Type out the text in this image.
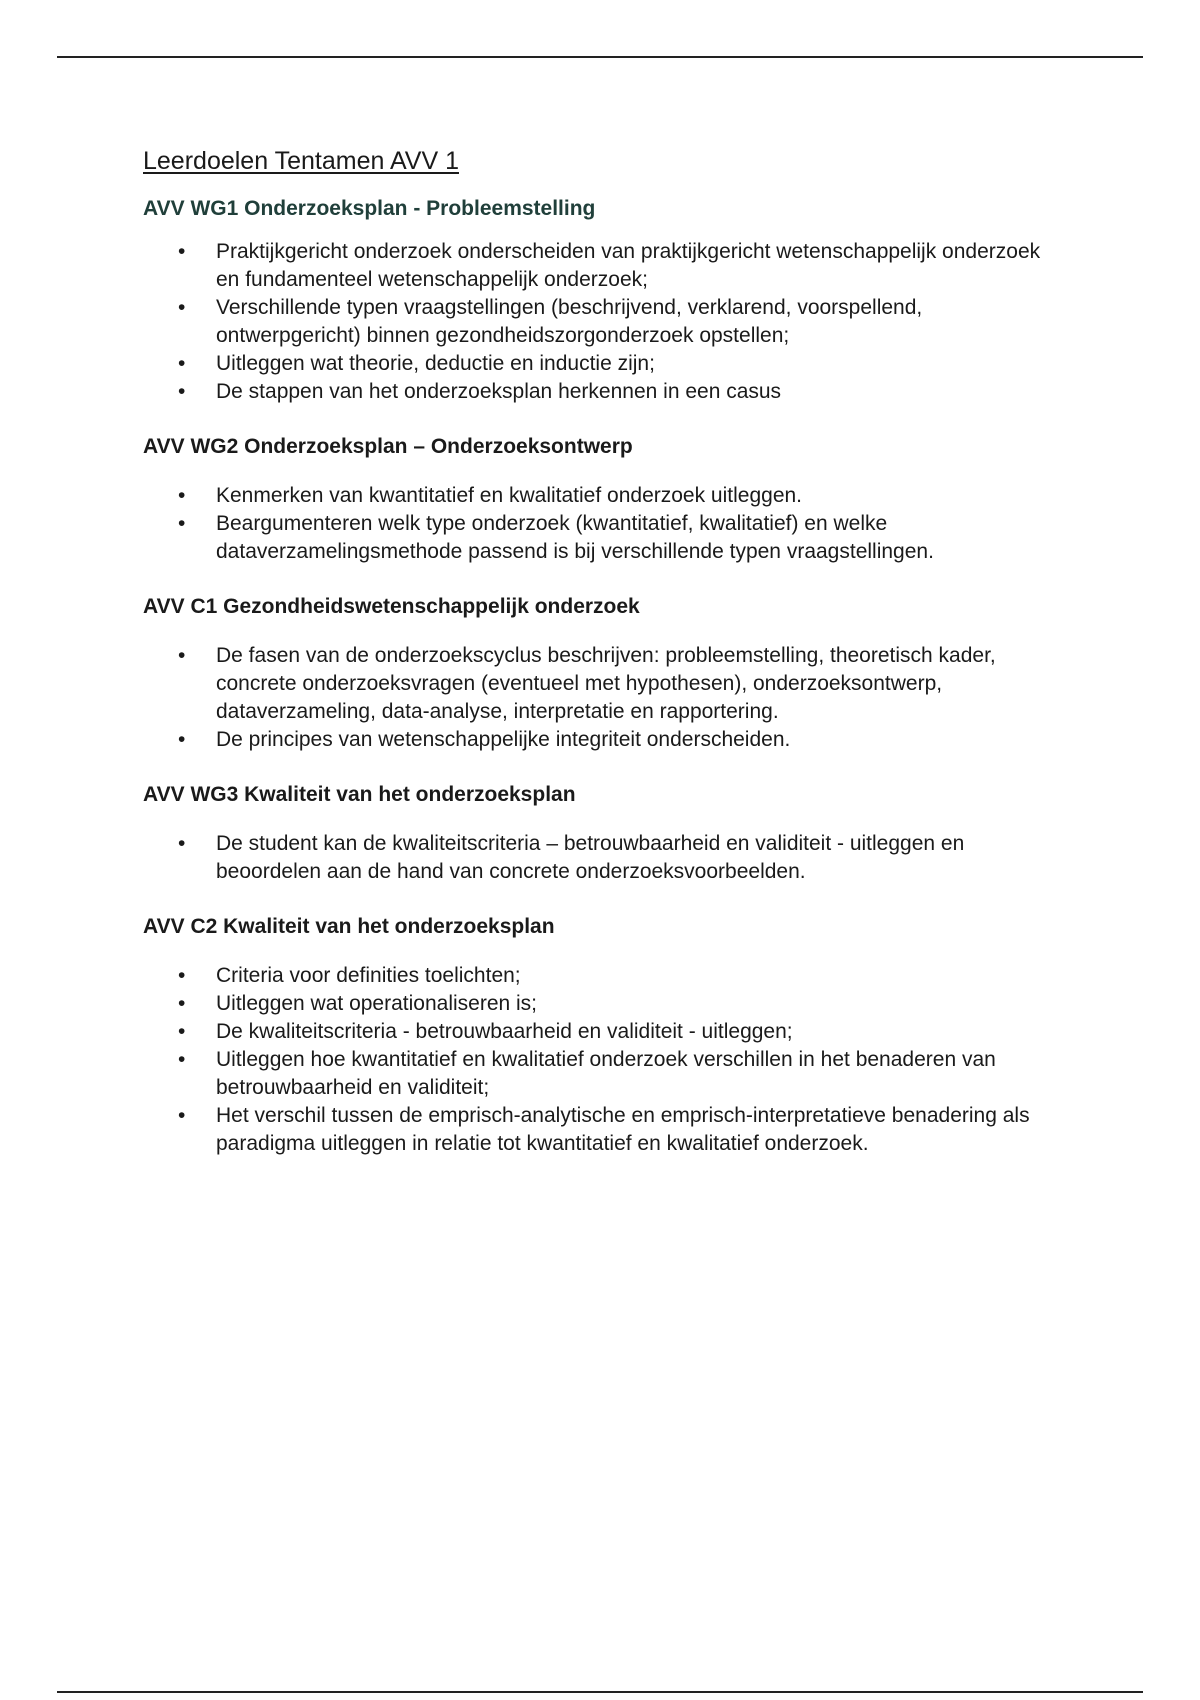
Leerdoelen Tentamen AVV 1
AVV WG1 Onderzoeksplan - Probleemstelling
• Praktijkgericht onderzoek onderscheiden van praktijkgericht wetenschappelijk onderzoek en fundamenteel wetenschappelijk onderzoek;
• Verschillende typen vraagstellingen (beschrijvend, verklarend, voorspellend, ontwerpgericht) binnen gezondheidszorgonderzoek opstellen;
• Uitleggen wat theorie, deductie en inductie zijn;
• De stappen van het onderzoeksplan herkennen in een casus
AVV WG2 Onderzoeksplan – Onderzoeksontwerp
• Kenmerken van kwantitatief en kwalitatief onderzoek uitleggen.
• Beargumenteren welk type onderzoek (kwantitatief, kwalitatief) en welke dataverzamelingsmethode passend is bij verschillende typen vraagstellingen.
AVV C1 Gezondheidswetenschappelijk onderzoek
• De fasen van de onderzoekscyclus beschrijven: probleemstelling, theoretisch kader, concrete onderzoeksvragen (eventueel met hypothesen), onderzoeksontwerp, dataverzameling, data-analyse, interpretatie en rapportering.
• De principes van wetenschappelijke integriteit onderscheiden.
AVV WG3 Kwaliteit van het onderzoeksplan
• De student kan de kwaliteitscriteria – betrouwbaarheid en validiteit - uitleggen en beoordelen aan de hand van concrete onderzoeksvoorbeelden.
AVV C2 Kwaliteit van het onderzoeksplan
• Criteria voor definities toelichten;
• Uitleggen wat operationaliseren is;
• De kwaliteitscriteria - betrouwbaarheid en validiteit - uitleggen;
• Uitleggen hoe kwantitatief en kwalitatief onderzoek verschillen in het benaderen van betrouwbaarheid en validiteit;
• Het verschil tussen de emprisch-analytische en emprisch-interpretatieve benadering als paradigma uitleggen in relatie tot kwantitatief en kwalitatief onderzoek.
